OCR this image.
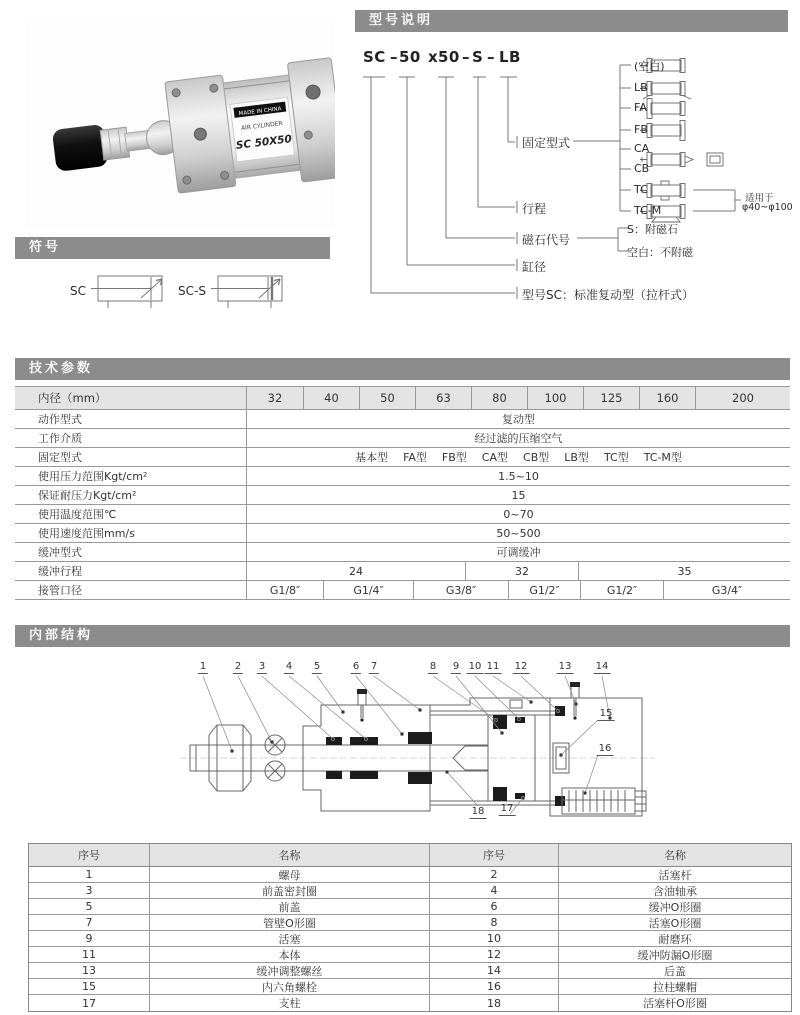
MADE IN CHINA
AIR CYLINDER
SC 50X50
型号说明
SC – 50 x 50 – S – LB
固定型式
行程
磁石代号
缸径
型号SC：标准复动型（拉杆式）
(空白)
LB
FA
FB
CA
CB
TC
TC-M
适用于
φ40~φ100
S：附磁石
空白：不附磁
符号
SC	SC-S
技术参数
内径（mm）	32	40	50	63	80	100	125	160	200
动作型式	复动型
工作介质	经过滤的压缩空气
固定型式	基本型 FA型 FB型 CA型 CB型 LB型 TC型 TC-M型
使用压力范围Kgt/cm²	1.5~10
保证耐压力Kgt/cm²	15
使用温度范围℃	0~70
使用速度范围mm/s	50~500
缓冲型式	可调缓冲
缓冲行程	24	32	35
接管口径	G1/8″	G1/4″	G3/8″	G1/2″	G1/2″	G3/4″
内部结构
1	2 3 4 5	6 7	8 9 10 11 12	13 14
15
16
17
18
序号	名称	序号	名称
1	螺母	2	活塞杆
3	前盖密封圈	4	含油轴承
5	前盖	6	缓冲O形圈
7	管壁O形圈	8	活塞O形圈
9	活塞	10	耐磨环
11	本体	12	缓冲防漏O形圈
13	缓冲调整螺丝	14	后盖
15	内六角螺栓	16	拉柱螺帽
17	支柱	18	活塞杆O形圈
